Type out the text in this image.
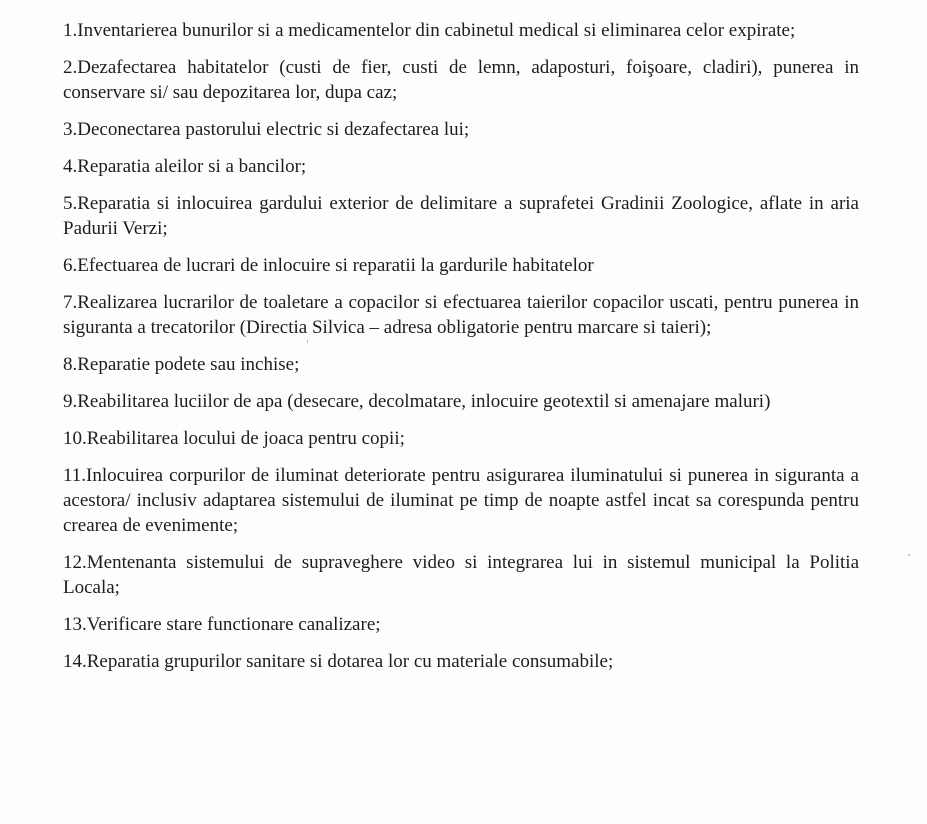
1.Inventarierea bunurilor si a medicamentelor din cabinetul medical si eliminarea celor expirate;
2.Dezafectarea habitatelor (custi de fier, custi de lemn, adaposturi, foişoare, cladiri), punerea in conservare si/ sau depozitarea lor, dupa caz;
3.Deconectarea pastorului electric si dezafectarea lui;
4.Reparatia aleilor si a bancilor;
5.Reparatia si inlocuirea gardului exterior de delimitare a suprafetei Gradinii Zoologice, aflate in aria Padurii Verzi;
6.Efectuarea de lucrari de inlocuire si reparatii la gardurile habitatelor
7.Realizarea lucrarilor de toaletare a copacilor si efectuarea taierilor copacilor uscati, pentru punerea in siguranta a trecatorilor (Directia Silvica – adresa obligatorie pentru marcare si taieri);
8.Reparatie podete sau inchise;
9.Reabilitarea luciilor de apa (desecare, decolmatare, inlocuire geotextil si amenajare maluri)
10.Reabilitarea locului de joaca pentru copii;
11.Inlocuirea corpurilor de iluminat deteriorate pentru asigurarea iluminatului si punerea in siguranta a acestora/ inclusiv adaptarea sistemului de iluminat pe timp de noapte astfel incat sa corespunda pentru crearea de evenimente;
12.Mentenanta sistemului de supraveghere video si integrarea lui in sistemul municipal la Politia Locala;
13.Verificare stare functionare canalizare;
14.Reparatia grupurilor sanitare si dotarea lor cu materiale consumabile;
